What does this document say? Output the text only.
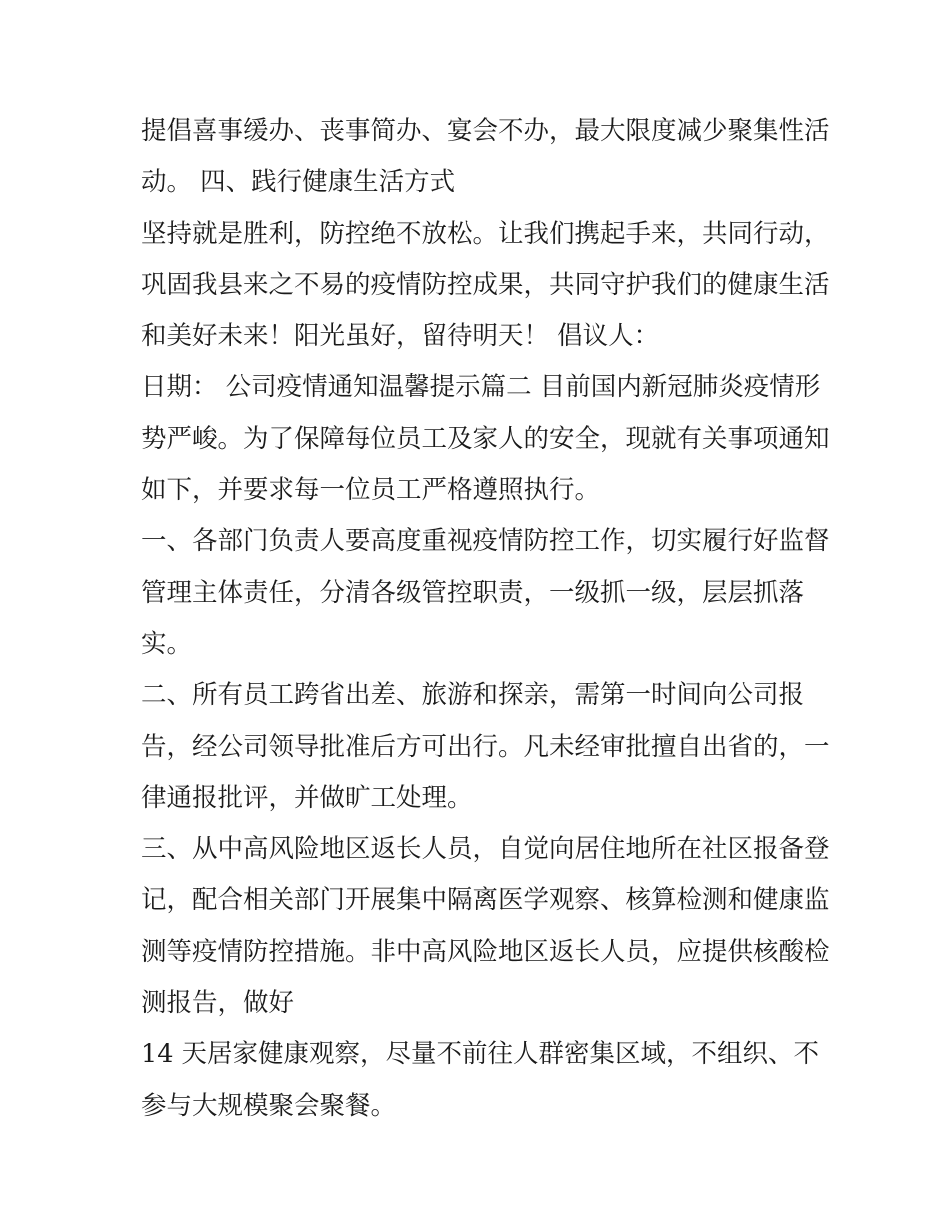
提倡喜事缓办、丧事简办、宴会不办，最大限度减少聚集性活
动。 四、践行健康生活方式
坚持就是胜利，防控绝不放松。让我们携起手来，共同行动，
巩固我县来之不易的疫情防控成果，共同守护我们的健康生活
和美好未来！阳光虽好，留待明天！ 倡议人：
日期： 公司疫情通知温馨提示篇二 目前国内新冠肺炎疫情形
势严峻。为了保障每位员工及家人的安全，现就有关事项通知
如下，并要求每一位员工严格遵照执行。
一、各部门负责人要高度重视疫情防控工作，切实履行好监督
管理主体责任，分清各级管控职责，一级抓一级，层层抓落
实。
二、所有员工跨省出差、旅游和探亲，需第一时间向公司报
告，经公司领导批准后方可出行。凡未经审批擅自出省的，一
律通报批评，并做旷工处理。
三、从中高风险地区返长人员，自觉向居住地所在社区报备登
记，配合相关部门开展集中隔离医学观察、核算检测和健康监
测等疫情防控措施。非中高风险地区返长人员，应提供核酸检
测报告，做好
14 天居家健康观察，尽量不前往人群密集区域，不组织、不
参与大规模聚会聚餐。
